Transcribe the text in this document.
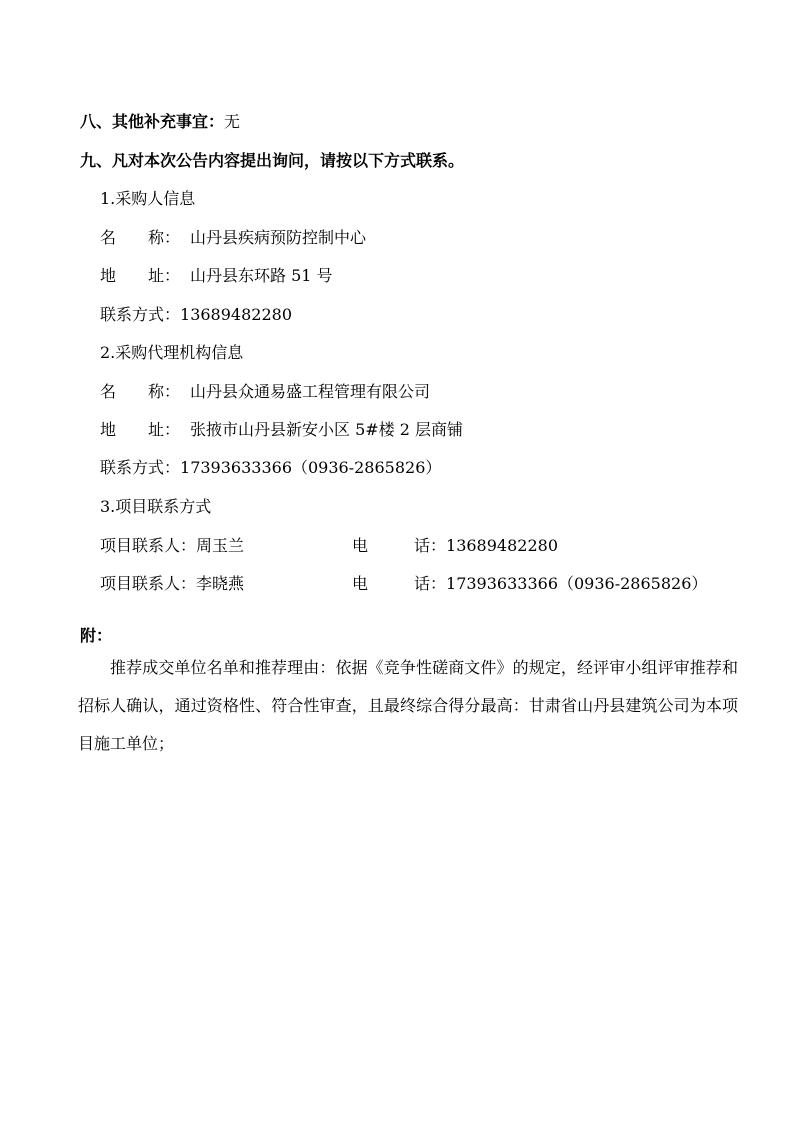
八、其他补充事宜：无
九、凡对本次公告内容提出询问，请按以下方式联系。
1.采购人信息
名 称： 山丹县疾病预防控制中心
地 址： 山丹县东环路 51 号
联系方式：13689482280
2.采购代理机构信息
名 称： 山丹县众通易盛工程管理有限公司
地 址： 张掖市山丹县新安小区 5#楼 2 层商铺
联系方式：17393633366（0936-2865826）
3.项目联系方式
项目联系人：周玉兰	电	话：13689482280
项目联系人：李晓燕	电	话：17393633366（0936-2865826）
附：
推荐成交单位名单和推荐理由：依据《竞争性磋商文件》的规定，经评审小组评审推荐和招标人确认，通过资格性、符合性审查，且最终综合得分最高：甘肃省山丹县建筑公司为本项目施工单位；
